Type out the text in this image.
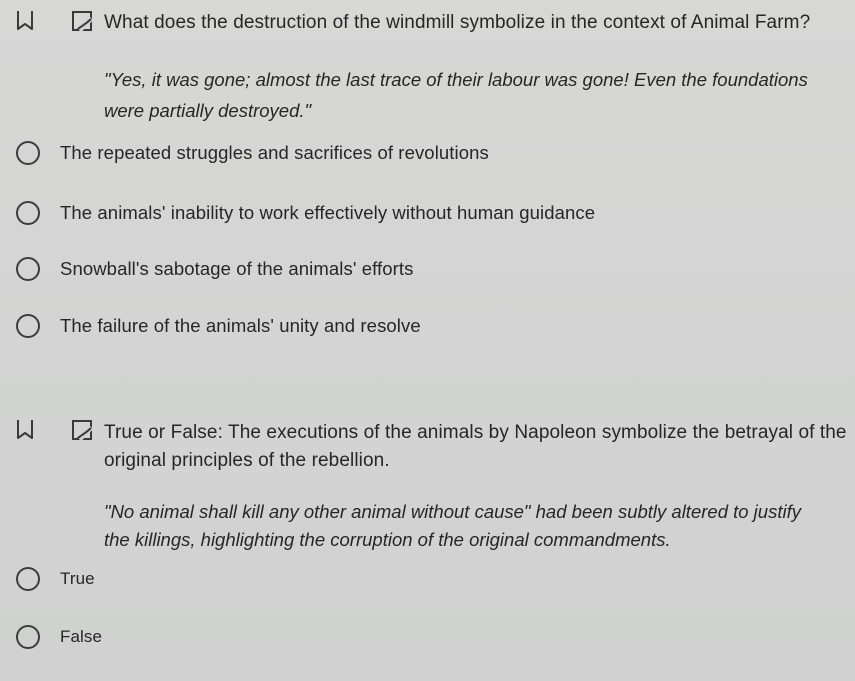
What does the destruction of the windmill symbolize in the context of Animal Farm?
"Yes, it was gone; almost the last trace of their labour was gone! Even the foundations
were partially destroyed."
The repeated struggles and sacrifices of revolutions
The animals' inability to work effectively without human guidance
Snowball's sabotage of the animals' efforts
The failure of the animals' unity and resolve
True or False: The executions of the animals by Napoleon symbolize the betrayal of the
original principles of the rebellion.
"No animal shall kill any other animal without cause" had been subtly altered to justify
the killings, highlighting the corruption of the original commandments.
True
False
